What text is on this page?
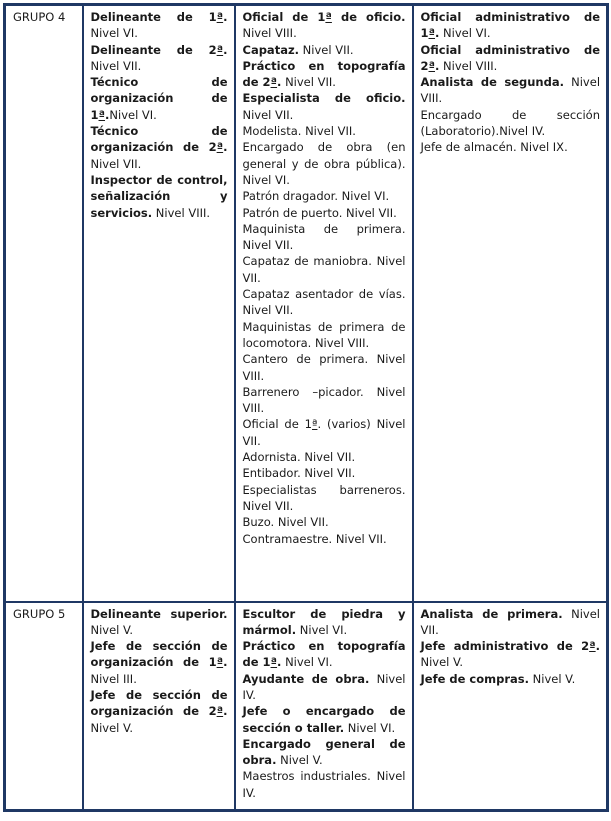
GRUPO 4	Delineante de 1ª. Nivel VI.
Delineante de 2ª. Nivel VII.
Técnico de organización de 1ª.Nivel VI.
Técnico de organización de 2ª. Nivel VII.
Inspector de control, señalización y servicios. Nivel VIII.

Oficial de 1ª de oficio. Nivel VIII.
Capataz. Nivel VII.
Práctico en topografía de 2ª. Nivel VII.
Especialista de oficio. Nivel VII.
Modelista. Nivel VII.
Encargado de obra (en general y de obra pública). Nivel VI.
Patrón dragador. Nivel VI.
Patrón de puerto. Nivel VII.
Maquinista de primera. Nivel VII.
Capataz de maniobra. Nivel VII.
Capataz asentador de vías. Nivel VII.
Maquinistas de primera de locomotora. Nivel VIII.
Cantero de primera. Nivel VIII.
Barrenero –picador. Nivel VIII.
Oficial de 1ª. (varios) Nivel VII.
Adornista. Nivel VII.
Entibador. Nivel VII.
Especialistas barreneros. Nivel VII.
Buzo. Nivel VII.
Contramaestre. Nivel VII.

Oficial administrativo de 1ª. Nivel VI.
Oficial administrativo de 2ª. Nivel VIII.
Analista de segunda. Nivel VIII.
Encargado de sección (Laboratorio).Nivel IV.
Jefe de almacén. Nivel IX.

GRUPO 5	Delineante superior. Nivel V.
Jefe de sección de organización de 1ª. Nivel III.
Jefe de sección de organización de 2ª. Nivel V.

Escultor de piedra y mármol. Nivel VI.
Práctico en topografía de 1ª. Nivel VI.
Ayudante de obra. Nivel IV.
Jefe o encargado de sección o taller. Nivel VI.
Encargado general de obra. Nivel V.
Maestros industriales. Nivel IV.

Analista de primera. Nivel VII.
Jefe administrativo de 2ª. Nivel V.
Jefe de compras. Nivel V.
